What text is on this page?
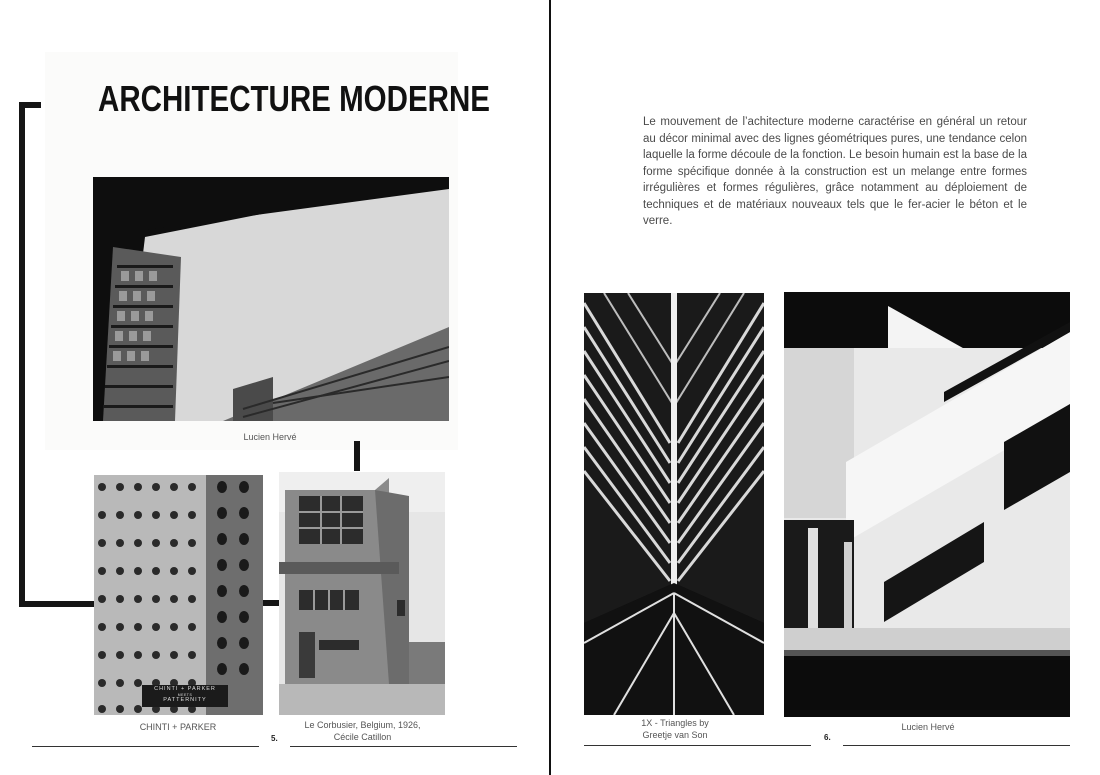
ARCHITECTURE MODERNE
Lucien Hervé
CHINTI + PARKER
MEETS
PATTERNITY
CHINTI + PARKER	Le Corbusier, Belgium, 1926,
Cécile Catillon
5.
Le mouvement de l’achitecture moderne caractérise en général un retour au décor minimal avec des lignes géométriques pures, une tendance celon laquelle la forme découle de la fonction. Le besoin humain est la base de la forme spécifique donnée à la construction est un melange entre formes irrégulières et formes régulières, grâce notamment au déploiement de techniques et de matériaux nouveaux tels que le fer-acier le béton et le verre.
1X - Triangles by
Greetje van Son
Lucien Hervé
6.
